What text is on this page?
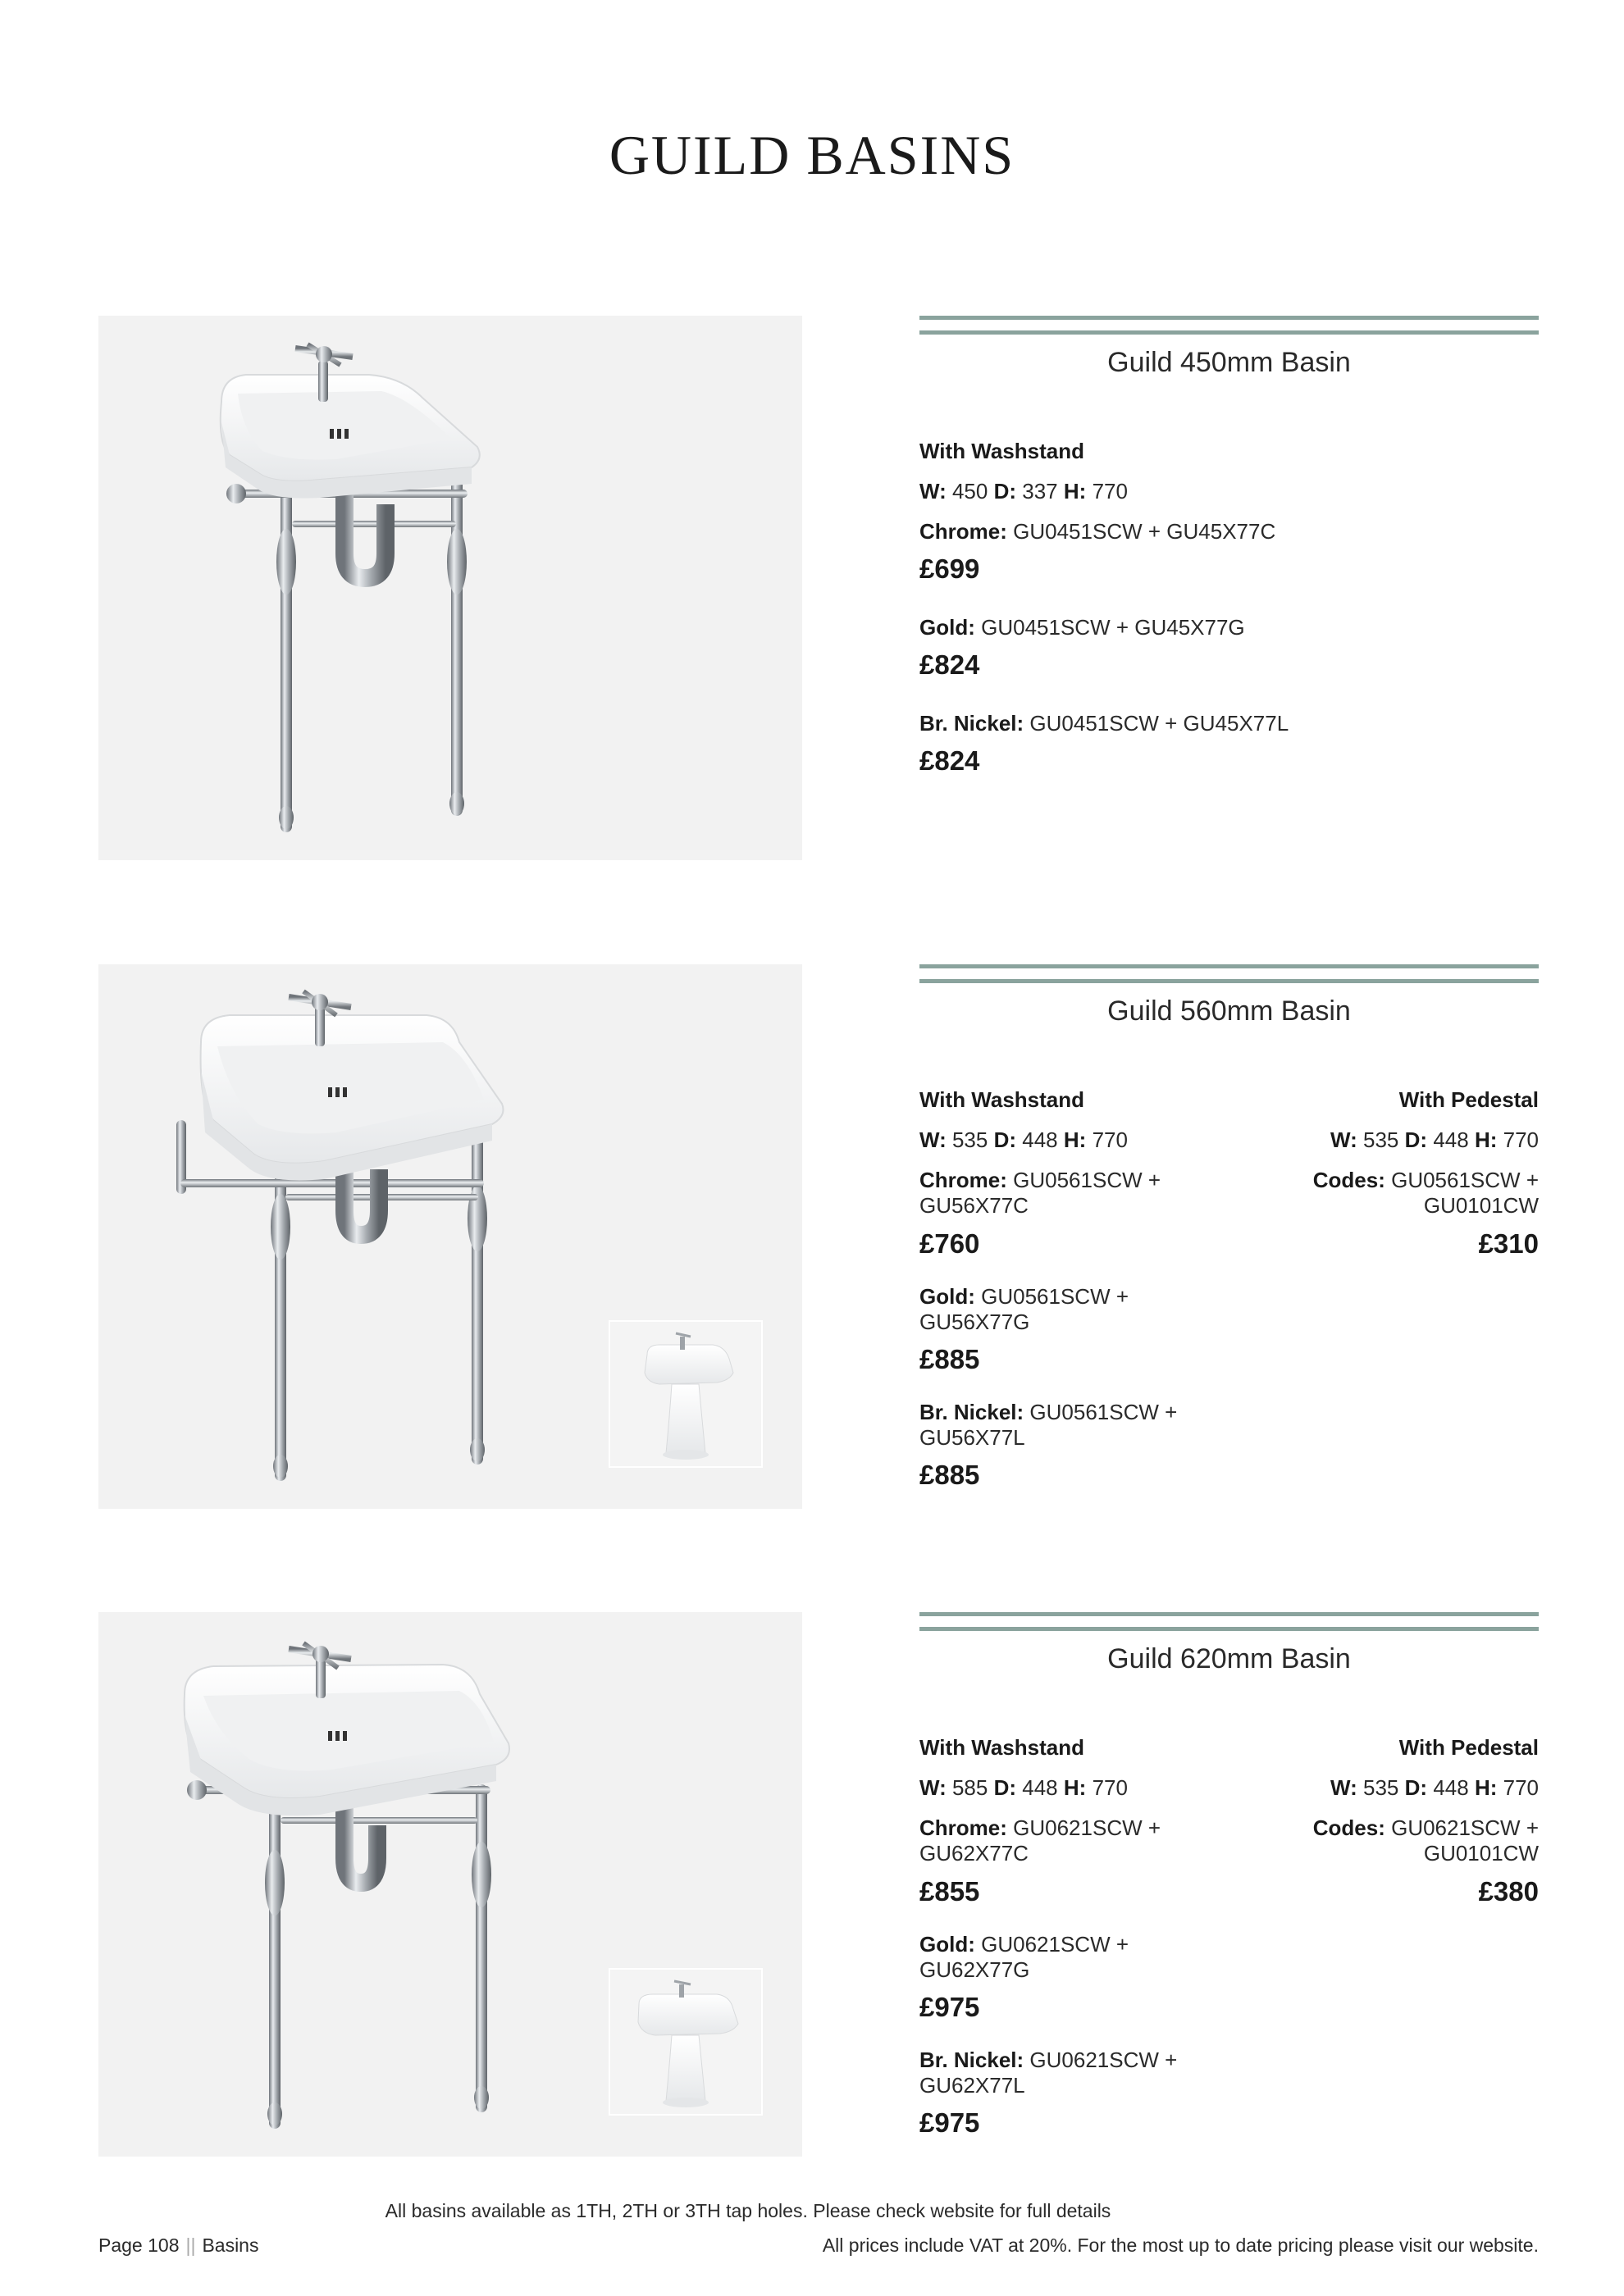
GUILD BASINS
Guild 450mm Basin
With Washstand
W: 450 D: 337 H: 770
Chrome: GU0451SCW + GU45X77C
£699
Gold: GU0451SCW + GU45X77G
£824
Br. Nickel: GU0451SCW + GU45X77L
£824
Guild 560mm Basin
With Washstand
W: 535 D: 448 H: 770
Chrome: GU0561SCW +
GU56X77C
£760
Gold: GU0561SCW +
GU56X77G
£885
Br. Nickel: GU0561SCW +
GU56X77L
£885
With Pedestal
W: 535 D: 448 H: 770
Codes: GU0561SCW +
GU0101CW
£310
Guild 620mm Basin
With Washstand
W: 585 D: 448 H: 770
Chrome: GU0621SCW +
GU62X77C
£855
Gold: GU0621SCW +
GU62X77G
£975
Br. Nickel: GU0621SCW +
GU62X77L
£975
With Pedestal
W: 535 D: 448 H: 770
Codes: GU0621SCW +
GU0101CW
£380
All basins available as 1TH, 2TH or 3TH tap holes. Please check website for full details
Page 108 || Basins	All prices include VAT at 20%. For the most up to date pricing please visit our website.
